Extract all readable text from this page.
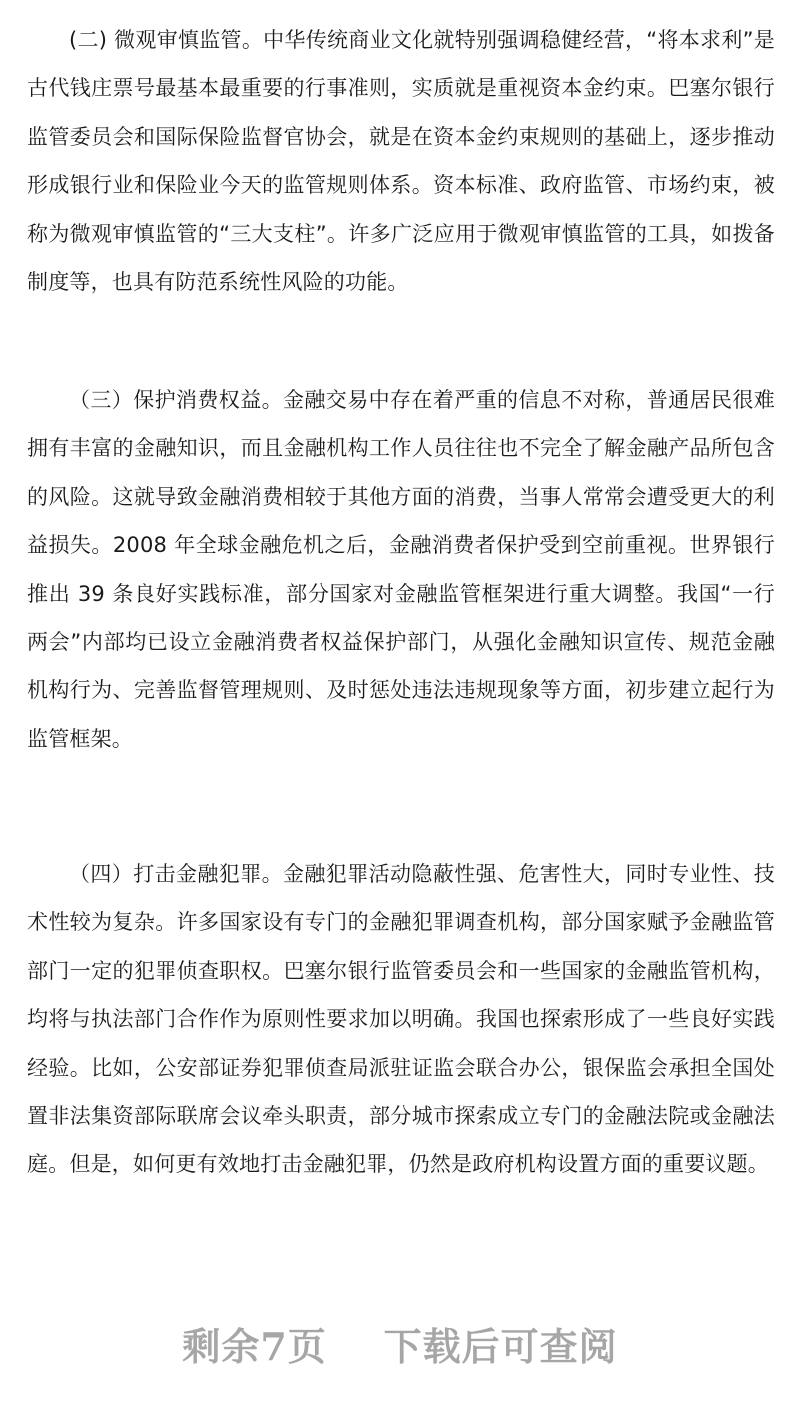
(二) 微观审慎监管。中华传统商业文化就特别强调稳健经营，“将本求利”是古代钱庄票号最基本最重要的行事准则，实质就是重视资本金约束。巴塞尔银行监管委员会和国际保险监督官协会，就是在资本金约束规则的基础上，逐步推动形成银行业和保险业今天的监管规则体系。资本标准、政府监管、市场约束，被称为微观审慎监管的“三大支柱”。许多广泛应用于微观审慎监管的工具，如拨备制度等，也具有防范系统性风险的功能。

（三）保护消费权益。金融交易中存在着严重的信息不对称，普通居民很难拥有丰富的金融知识，而且金融机构工作人员往往也不完全了解金融产品所包含的风险。这就导致金融消费相较于其他方面的消费，当事人常常会遭受更大的利益损失。2008 年全球金融危机之后，金融消费者保护受到空前重视。世界银行推出 39 条良好实践标准，部分国家对金融监管框架进行重大调整。我国“一行两会”内部均已设立金融消费者权益保护部门，从强化金融知识宣传、规范金融机构行为、完善监督管理规则、及时惩处违法违规现象等方面，初步建立起行为监管框架。

（四）打击金融犯罪。金融犯罪活动隐蔽性强、危害性大，同时专业性、技术性较为复杂。许多国家设有专门的金融犯罪调查机构，部分国家赋予金融监管部门一定的犯罪侦查职权。巴塞尔银行监管委员会和一些国家的金融监管机构，均将与执法部门合作作为原则性要求加以明确。我国也探索形成了一些良好实践经验。比如，公安部证券犯罪侦查局派驻证监会联合办公，银保监会承担全国处置非法集资部际联席会议牵头职责，部分城市探索成立专门的金融法院或金融法庭。但是，如何更有效地打击金融犯罪，仍然是政府机构设置方面的重要议题。

剩余7页    下载后可查阅
